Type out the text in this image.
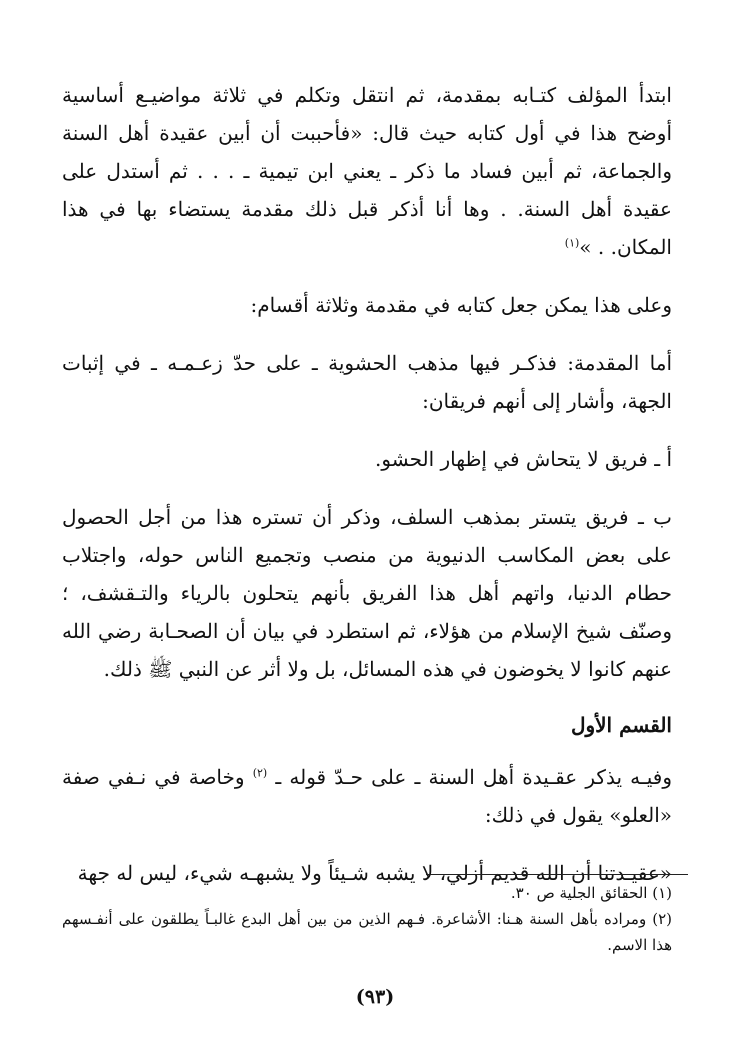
ابتدأ المؤلف كتـابه بمقدمة، ثم انتقل وتكلم في ثلاثة مواضيـع أساسية أوضح هذا في أول كتابه حيث قال: «فأحببت أن أبين عقيدة أهل السنة والجماعة، ثم أبين فساد ما ذكر ـ يعني ابن تيمية ـ . . . ثم أستدل على عقيدة أهل السنة. . وها أنا أذكر قبل ذلك مقدمة يستضاء بها في هذا المكان. . »$^{(١)}$

وعلى هذا يمكن جعل كتابه في مقدمة وثلاثة أقسام:

أما المقدمة: فذكـر فيها مذهب الحشوية ـ على حدّ زعـمـه ـ في إثبات الجهة، وأشار إلى أنهم فريقان:

أ ـ فريق لا يتحاش في إظهار الحشو.

ب ـ فريق يتستر بمذهب السلف، وذكر أن تستره هذا من أجل الحصول على بعض المكاسب الدنيوية من منصب وتجميع الناس حوله، واجتلاب حطام الدنيا، واتهم أهل هذا الفريق بأنهم يتحلون بالرياء والتـقشف، ؛ وصنّف شيخ الإسلام من هؤلاء، ثم استطرد في بيان أن الصحـابة رضي الله عنهم كانوا لا يخوضون في هذه المسائل، بل ولا أثر عن النبي ﷺ ذلك.

القسم الأول

وفيـه يذكر عقـيدة أهل السنة ـ على حـدّ قوله ـ $^{(٢)}$ وخاصة في نـفي صفة «العلو» يقول في ذلك:

«عقيـدتنا أن الله قديم أزلي، لا يشبه شـيئاً ولا يشبهـه شيء، ليس له جهة

(١) الحقائق الجلية ص ٣٠.

(٢) ومراده بأهل السنة هـنا: الأشاعرة. فـهم الذين من بين أهل البدع غالبـاً يطلقون على أنفـسهم هذا الاسم.

(٩٣)
